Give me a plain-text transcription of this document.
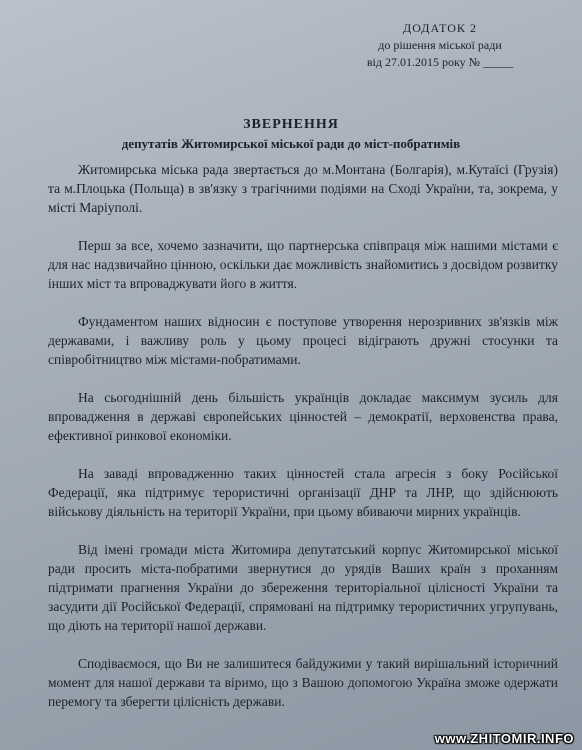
ДОДАТОК 2
до рішення міської ради
від 27.01.2015 року № _____
ЗВЕРНЕННЯ
депутатів Житомирської міської ради до міст-побратимів

Житомирська міська рада звертається до м.Монтана (Болгарія), м.Кутаїсі (Грузія) та м.Плоцька (Польща) в зв'язку з трагічними подіями на Сході України, та, зокрема, у місті Маріуполі.

Перш за все, хочемо зазначити, що партнерська співпраця між нашими містами є для нас надзвичайно цінною, оскільки дає можливість знайомитись з досвідом розвитку інших міст та впроваджувати його в життя.

Фундаментом наших відносин є поступове утворення нерозривних зв'язків між державами, і важливу роль у цьому процесі відіграють дружні стосунки та співробітництво між містами-побратимами.

На сьогоднішній день більшість українців докладає максимум зусиль для впровадження в державі європейських цінностей – демократії, верховенства права, ефективної ринкової економіки.

На заваді впровадженню таких цінностей стала агресія з боку Російської Федерації, яка підтримує терористичні організації ДНР та ЛНР, що здійснюють військову діяльність на території України, при цьому вбиваючи мирних українців.

Від імені громади міста Житомира депутатський корпус Житомирської міської ради просить міста-побратими звернутися до урядів Ваших країн з проханням підтримати прагнення України до збереження територіальної цілісності України та засудити дії Російської Федерації, спрямовані на підтримку терористичних угрупувань, що діють на території нашої держави.

Сподіваємося, що Ви не залишитеся байдужими у такий вирішальний історичний момент для нашої держави та віримо, що з Вашою допомогою Україна зможе одержати перемогу та зберегти цілісність держави.

www.ZHITOMIR.INFO
